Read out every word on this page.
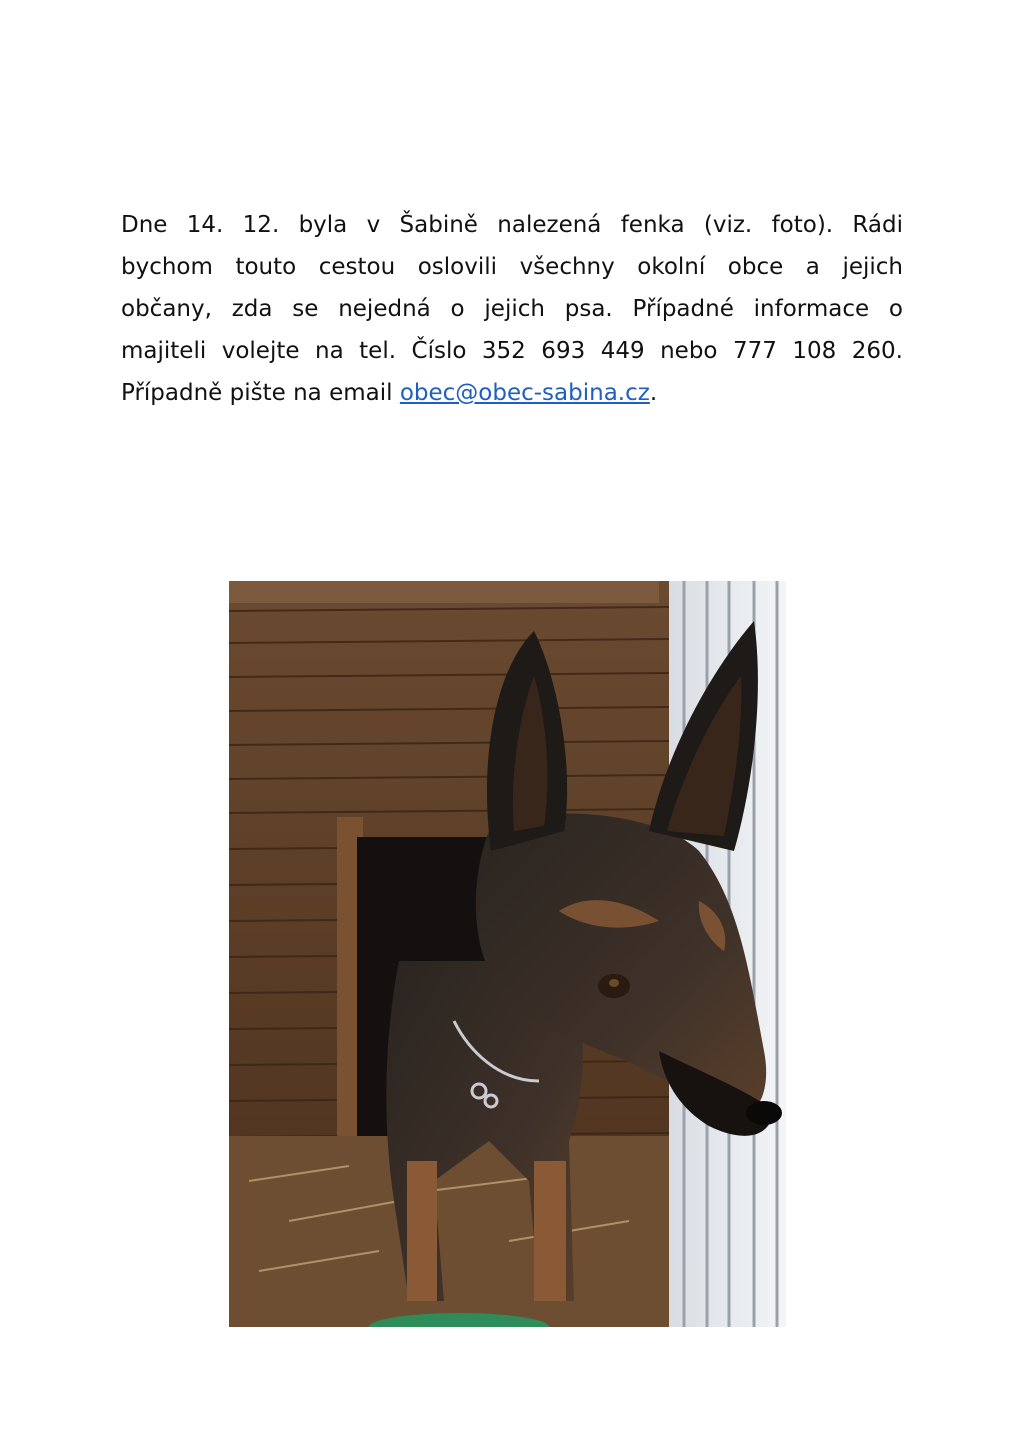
Dne 14. 12. byla v Šabině nalezená fenka (viz. foto). Rádi
bychom touto cestou oslovili všechny okolní obce a jejich
občany, zda se nejedná o jejich psa. Případné informace o
majiteli volejte na tel. Číslo 352 693 449 nebo 777 108 260.
Případně pište na email obec@obec-sabina.cz.
